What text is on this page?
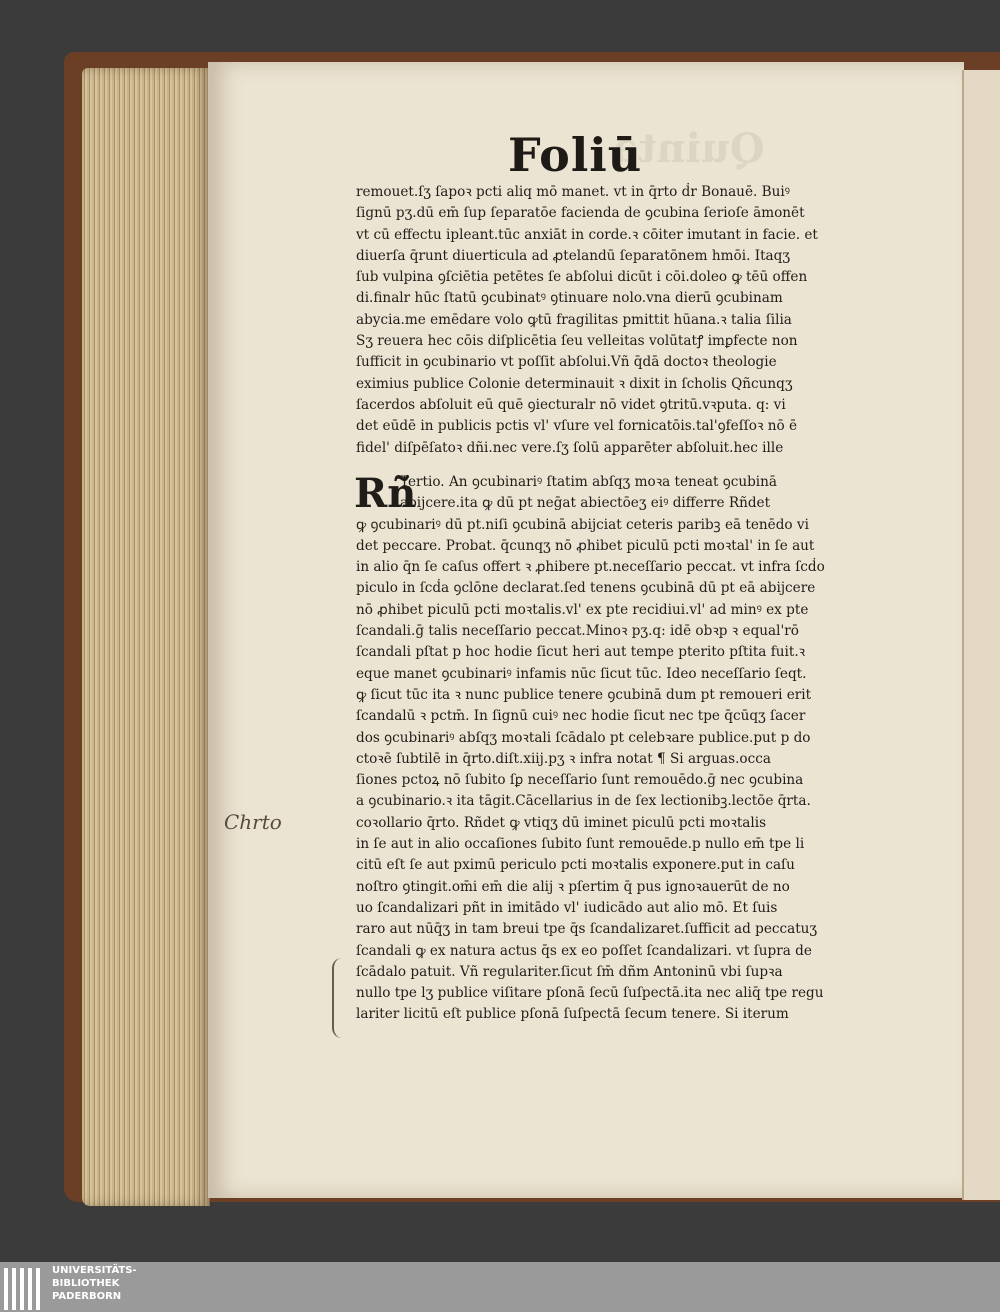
Quinta
Foliū
remouet.ſʒ ſapoꝛ pcti aliq mō manet. vt in q̄rto ḋr Bonauē. Buiꝰ
ſignū pʒ.dū em̄ ſup ſeparatōe facienda de ꝯcubina ſerioſe āmonēt
vt cū effectu ipleant.tūc anxiāt in corde.ꝛ cōiter imutant in facie. et
diuerſa q̄runt diuerticula ad ꝓtelandū ſeparatōnem hmōi. Itaqʒ
ſub vulpina ꝯſciētia petētes ſe abſolui dicūt i cōi.doleo ꝙ tēū offen
di.finalr hūc ſtatū ꝯcubinatꝰ ꝯtinuare nolo.vna dierū ꝯcubinam
abycia.me emēdare volo ꝙtū fragilitas pmittit hūana.ꝛ talia ſilia
Sʒ reuera hec cōis diſplicētia ſeu velleitas volūtatꝭ imꝑfecte non
ſufficit in ꝯcubinario vt poſſit abſolui.Vñ q̄dā doctoꝛ theologie
eximius publice Colonie determinauit ꝛ dixit in ſcholis Qñcunqʒ
ſacerdos abſoluit eū quē ꝯiecturalr nō videt ꝯtritū.vꝛputa. q: vi
det eūdē in publicis pctis vl' vſure vel fornicatōis.tal'ꝯfeſſoꝛ nō ē
fidel' diſpēſatoꝛ dñi.nec vere.ſʒ ſolū apparēter abſoluit.hec ille
Rñ
Tertio. An ꝯcubinariꝰ ſtatim abſqʒ moꝛa teneat ꝯcubinā
abijcere.ita ꝙ dū pt neḡat abiectōeʒ eiꝰ differre Rñdet
ꝙ ꝯcubinariꝰ dū pt.niſi ꝯcubinā abijciat ceteris paribꝫ eā tenēdo vi
det peccare. Probat. q̄cunqʒ nō ꝓhibet piculū pcti moꝛtal' in ſe aut
in alio q̄n ſe caſus offert ꝛ ꝓhibere pt.neceſſario peccat. vt infra ſcḋo
piculo in ſcḋa ꝯclōne declarat.ſed tenens ꝯcubinā dū pt eā abijcere
nō ꝓhibet piculū pcti moꝛtalis.vl' ex pte recidiui.vl' ad minꝰ ex pte
ſcandali.ḡ talis neceſſario peccat.Minoꝛ pʒ.q: idē obꝛp ꝛ equal'rō
ſcandali pſtat p hoc hodie ſicut heri aut tempe pterito pſtita fuit.ꝛ
eque manet ꝯcubinariꝰ infamis nūc ſicut tūc. Ideo neceſſario ſeqt.
ꝙ ſicut tūc ita ꝛ nunc publice tenere ꝯcubinā dum pt remoueri erit
ſcandalū ꝛ pctm̄. In ſignū cuiꝰ nec hodie ſicut nec tpe q̄cūqʒ ſacer
dos ꝯcubinariꝰ abſqʒ moꝛtali ſcādalo pt celebꝛare publice.put p do
ctoꝛē ſubtilē in q̄rto.diſt.xiij.pʒ ꝛ infra notat ¶ Si arguas.occa
ſiones pctoꝝ nō ſubito ſꝑ neceſſario ſunt remouēdo.ḡ nec ꝯcubina
a ꝯcubinario.ꝛ ita tāgit.Cācellarius in de ſex lectionibꝫ.lectōe q̄rta.
coꝛollario q̄rto. Rñdet ꝙ vtiqʒ dū iminet piculū pcti moꝛtalis
in ſe aut in alio occaſiones ſubito ſunt remouēde.p nullo em̄ tpe li
citū eſt ſe aut pximū periculo pcti moꝛtalis exponere.put in caſu
noſtro ꝯtingit.om̄i em̄ die alij ꝛ pſertim q̄ pus ignoꝛauerūt de no
uo ſcandalizari pñt in imitādo vl' iudicādo aut alio mō. Et ſuis
raro aut nūq̄ʒ in tam breui tpe q̄s ſcandalizaret.ſufficit ad peccatuʒ
ſcandali ꝙ ex natura actus q̄s ex eo poſſet ſcandalizari. vt ſupra de
ſcādalo patuit. Vñ regulariter.ſicut ſm̄ dñm Antoninū vbi ſupꝛa
nullo tpe lʒ publice viſitare pſonā ſecū ſuſpectā.ita nec aliq̄ tpe regu
lariter licitū eſt publice pſonā ſuſpectā ſecum tenere. Si iterum
Chrto
UNIVERSITÄTS-
BIBLIOTHEK
PADERBORN
